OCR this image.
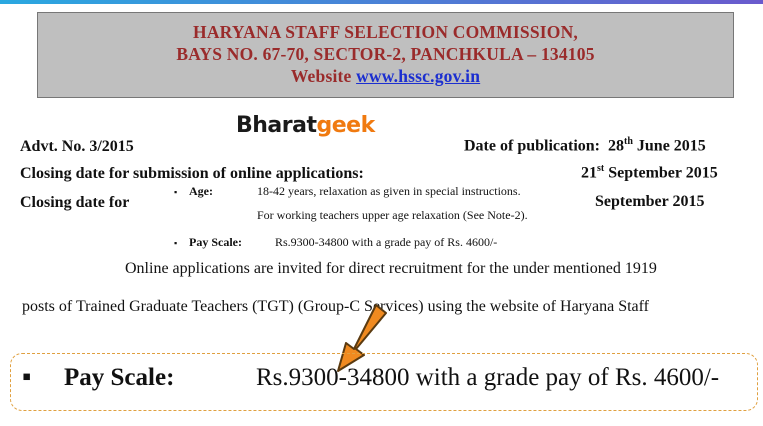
HARYANA STAFF SELECTION COMMISSION,
BAYS NO. 67-70, SECTOR-2, PANCHKULA – 134105
Website www.hssc.gov.in
Bharatgeek
Advt. No. 3/2015	Date of publication: 28th June 2015
Closing date for submission of online applications:	21st September 2015
Closing date for	September 2015
▪ Age:	18-42 years, relaxation as given in special instructions.
For working teachers upper age relaxation (See Note-2).
▪ Pay Scale:	Rs.9300-34800 with a grade pay of Rs. 4600/-
Online applications are invited for direct recruitment for the under mentioned 1919
posts of Trained Graduate Teachers (TGT) (Group-C Services) using the website of Haryana Staff
▪ Pay Scale:	Rs.9300-34800 with a grade pay of Rs. 4600/-
